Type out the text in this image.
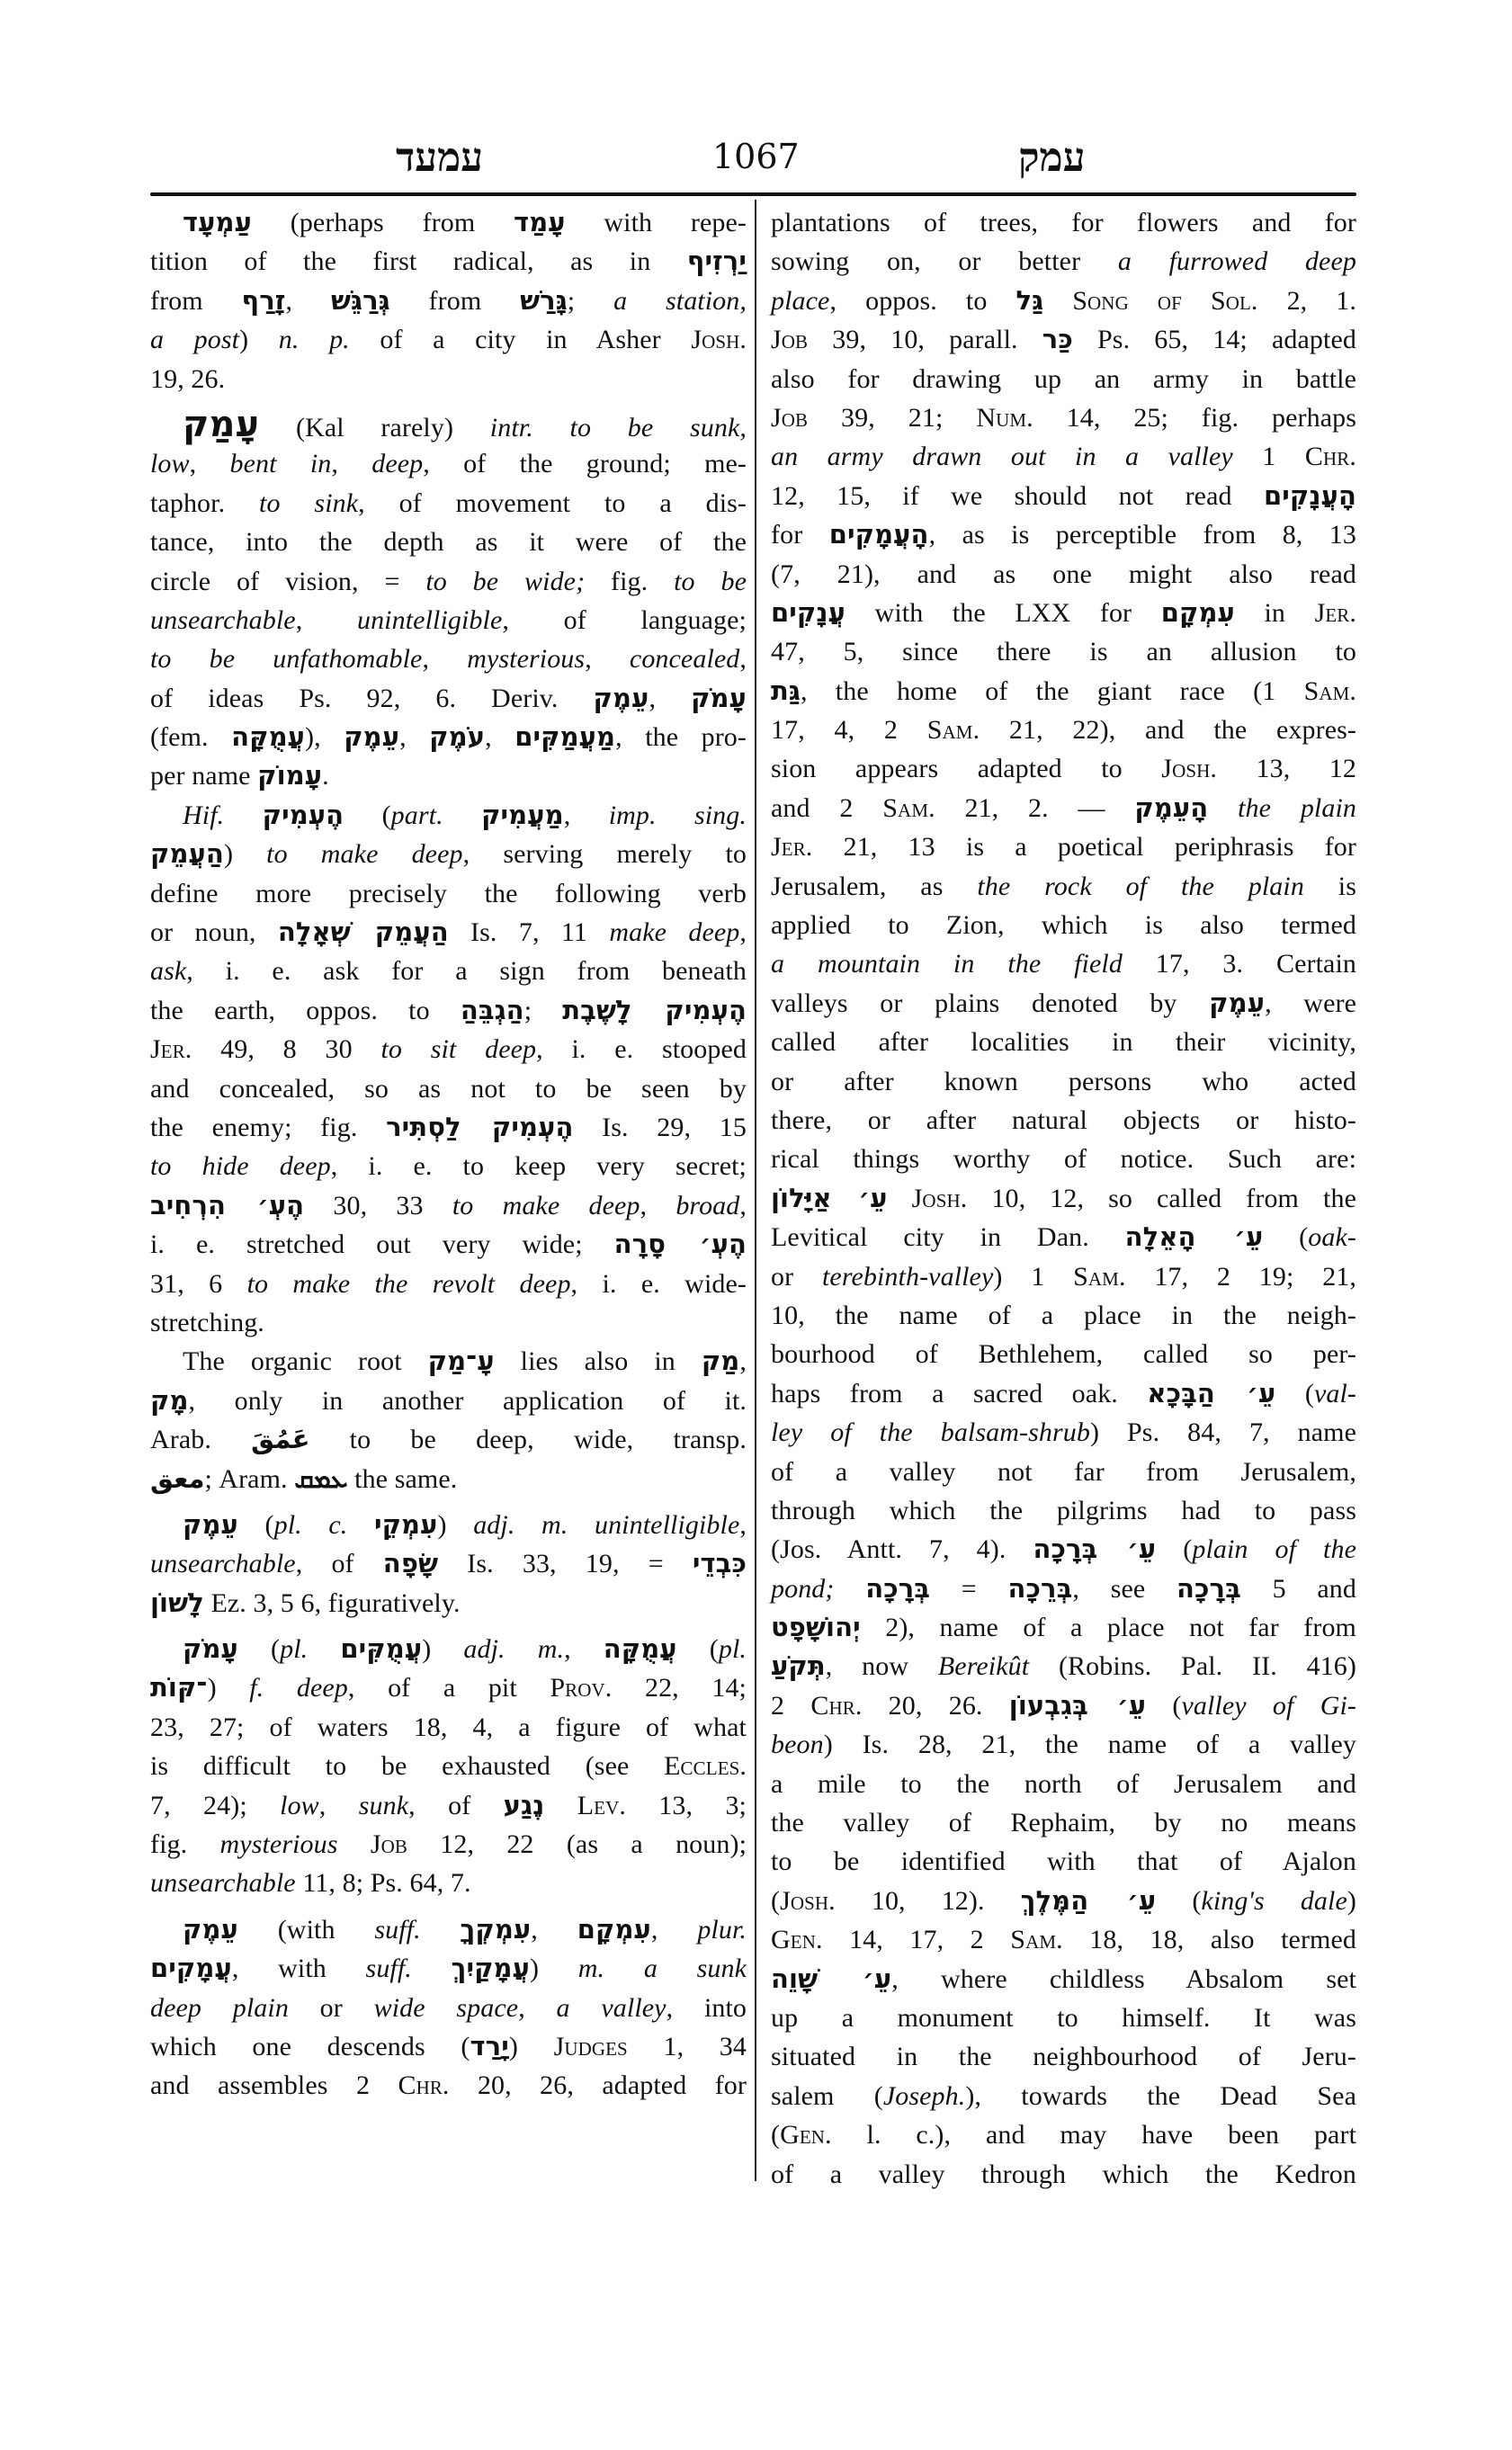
עמעד	1067	עמק
עַמְעָד (perhaps from עָמַד with repe-
tition of the first radical, as in יַרְזִיף
from זָרַף, גְּרַגֵּשׁ from גָּרַשׁ; a station,
a post) n. p. of a city in Asher Josh.
19, 26.
עָמַק (Kal rarely) intr. to be sunk,
low, bent in, deep, of the ground; me-
taphor. to sink, of movement to a dis-
tance, into the depth as it were of the
circle of vision, = to be wide; fig. to be
unsearchable, unintelligible, of language;
to be unfathomable, mysterious, concealed,
of ideas Ps. 92, 6. Deriv. עֵמֶק, עָמֹק
(fem. עֲמֻקָּה), עֵמֶק, עֹמֶק, מַעֲמַקִּים, the pro-
per name עָמוֹק.
Hif. הֶעְמִיק (part. מַעֲמִיק, imp. sing.
הַעֲמֵק) to make deep, serving merely to
define more precisely the following verb
or noun, הַעֲמֵק שְׁאָלָה Is. 7, 11 make deep,
ask, i. e. ask for a sign from beneath
the earth, oppos. to הַגְבֵּהַ; הֶעְמִיק לָשֶׁבֶת
Jer. 49, 8 30 to sit deep, i. e. stooped
and concealed, so as not to be seen by
the enemy; fig. הֶעְמִיק לַסְתִּיר Is. 29, 15
to hide deep, i. e. to keep very secret;
הֶעְ׳ הִרְחִיב 30, 33 to make deep, broad,
i. e. stretched out very wide; הֶעְ׳ סָרָה
31, 6 to make the revolt deep, i. e. wide-
stretching.
The organic root עָ־מַק lies also in מַק,
מָק, only in another application of it.
Arab. عَمُقَ to be deep, wide, transp.
معق; Aram. ܥܡܩ the same.
עֵמֶק (pl. c. עִמְקֵי) adj. m. unintelligible,
unsearchable, of שָׂפָה Is. 33, 19, = כִּבְדֵי
לָשׁוֹן Ez. 3, 5 6, figuratively.
עָמֹק (pl. עֲמֻקִּים) adj. m., עֲמֻקָּה (pl.
־קּוֹת) f. deep, of a pit Prov. 22, 14;
23, 27; of waters 18, 4, a figure of what
is difficult to be exhausted (see Eccles.
7, 24); low, sunk, of נֶגַע Lev. 13, 3;
fig. mysterious Job 12, 22 (as a noun);
unsearchable 11, 8; Ps. 64, 7.
עֵמֶק (with suff. עִמְקְךָ, עִמְקָם, plur.
עֲמָקִים, with suff. עֲמָקַיִךְ) m. a sunk
deep plain or wide space, a valley, into
which one descends (יָרַד) Judges 1, 34
and assembles 2 Chr. 20, 26, adapted for
plantations of trees, for flowers and for
sowing on, or better a furrowed deep
place, oppos. to גַּל Song of Sol. 2, 1.
Job 39, 10, parall. כַּר Ps. 65, 14; adapted
also for drawing up an army in battle
Job 39, 21; Num. 14, 25; fig. perhaps
an army drawn out in a valley 1 Chr.
12, 15, if we should not read הָעֲנָקִים
for הָעֲמָקִים, as is perceptible from 8, 13
(7, 21), and as one might also read
עֲנָקִים with the LXX for עִמְקָם in Jer.
47, 5, since there is an allusion to
גַּת, the home of the giant race (1 Sam.
17, 4, 2 Sam. 21, 22), and the expres-
sion appears adapted to Josh. 13, 12
and 2 Sam. 21, 2. — הָעֵמֶק the plain
Jer. 21, 13 is a poetical periphrasis for
Jerusalem, as the rock of the plain is
applied to Zion, which is also termed
a mountain in the field 17, 3. Certain
valleys or plains denoted by עֵמֶק, were
called after localities in their vicinity,
or after known persons who acted
there, or after natural objects or histo-
rical things worthy of notice. Such are:
עֵ׳ אַיָּלוֹן Josh. 10, 12, so called from the
Levitical city in Dan. עֵ׳ הָאֵלָה (oak-
or terebinth-valley) 1 Sam. 17, 2 19; 21,
10, the name of a place in the neigh-
bourhood of Bethlehem, called so per-
haps from a sacred oak. עֵ׳ הַבָּכָא (val-
ley of the balsam-shrub) Ps. 84, 7, name
of a valley not far from Jerusalem,
through which the pilgrims had to pass
(Jos. Antt. 7, 4). עֵ׳ בְּרָכָה (plain of the
pond; בְּרָכָה = בְּרֵכָה, see בְּרָכָה 5 and
יְהוֹשָׁפָט 2), name of a place not far from
תְּקֹעַ, now Bereikût (Robins. Pal. II. 416)
2 Chr. 20, 26. עֵ׳ בְּגִבְעוֹן (valley of Gi-
beon) Is. 28, 21, the name of a valley
a mile to the north of Jerusalem and
the valley of Rephaim, by no means
to be identified with that of Ajalon
(Josh. 10, 12). עֵ׳ הַמֶּלֶךְ (king's dale)
Gen. 14, 17, 2 Sam. 18, 18, also termed
עֵ׳ שָׁוֵה, where childless Absalom set
up a monument to himself. It was
situated in the neighbourhood of Jeru-
salem (Joseph.), towards the Dead Sea
(Gen. l. c.), and may have been part
of a valley through which the Kedron
